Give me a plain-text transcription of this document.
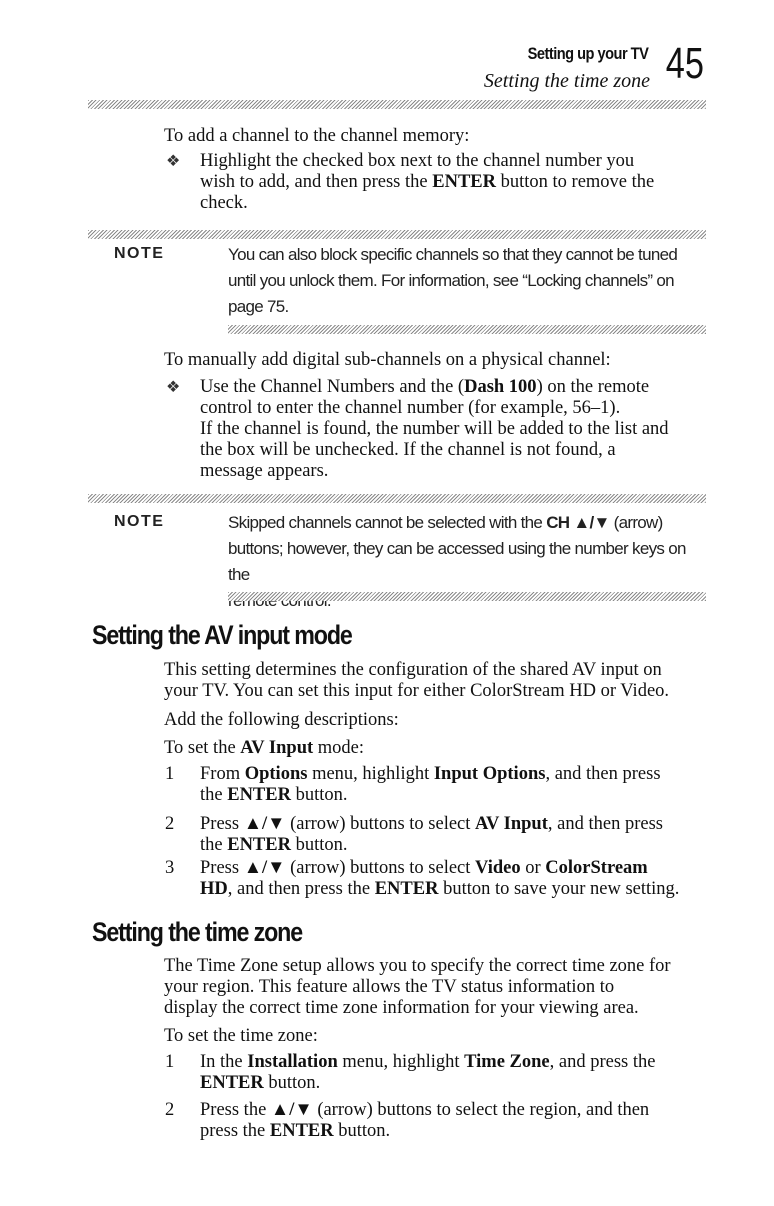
Setting up your TV
Setting the time zone 45
To add a channel to the channel memory:
❖ Highlight the checked box next to the channel number you
wish to add, and then press the ENTER button to remove the
check.
NOTE	You can also block specific channels so that they cannot be tuned
until you unlock them. For information, see “Locking channels” on
page 75.
To manually add digital sub-channels on a physical channel:
❖ Use the Channel Numbers and the (Dash 100) on the remote
control to enter the channel number (for example, 56–1).
If the channel is found, the number will be added to the list and
the box will be unchecked. If the channel is not found, a
message appears.
NOTE	Skipped channels cannot be selected with the CH ▲/▼ (arrow)
buttons; however, they can be accessed using the number keys on the
Setting the AV input mode
This setting determines the configuration of the shared AV input on
your TV. You can set this input for either ColorStream HD or Video.
Add the following descriptions:
To set the AV Input mode:
1 From Options menu, highlight Input Options, and then press
the ENTER button.
2 Press ▲/▼ (arrow) buttons to select AV Input, and then press
the ENTER button.
3 Press ▲/▼ (arrow) buttons to select Video or ColorStream
HD, and then press the ENTER button to save your new setting.
Setting the time zone
The Time Zone setup allows you to specify the correct time zone for
your region. This feature allows the TV status information to
display the correct time zone information for your viewing area.
To set the time zone:
1 In the Installation menu, highlight Time Zone, and press the
ENTER button.
2 Press the ▲/▼ (arrow) buttons to select the region, and then
press the ENTER button.
